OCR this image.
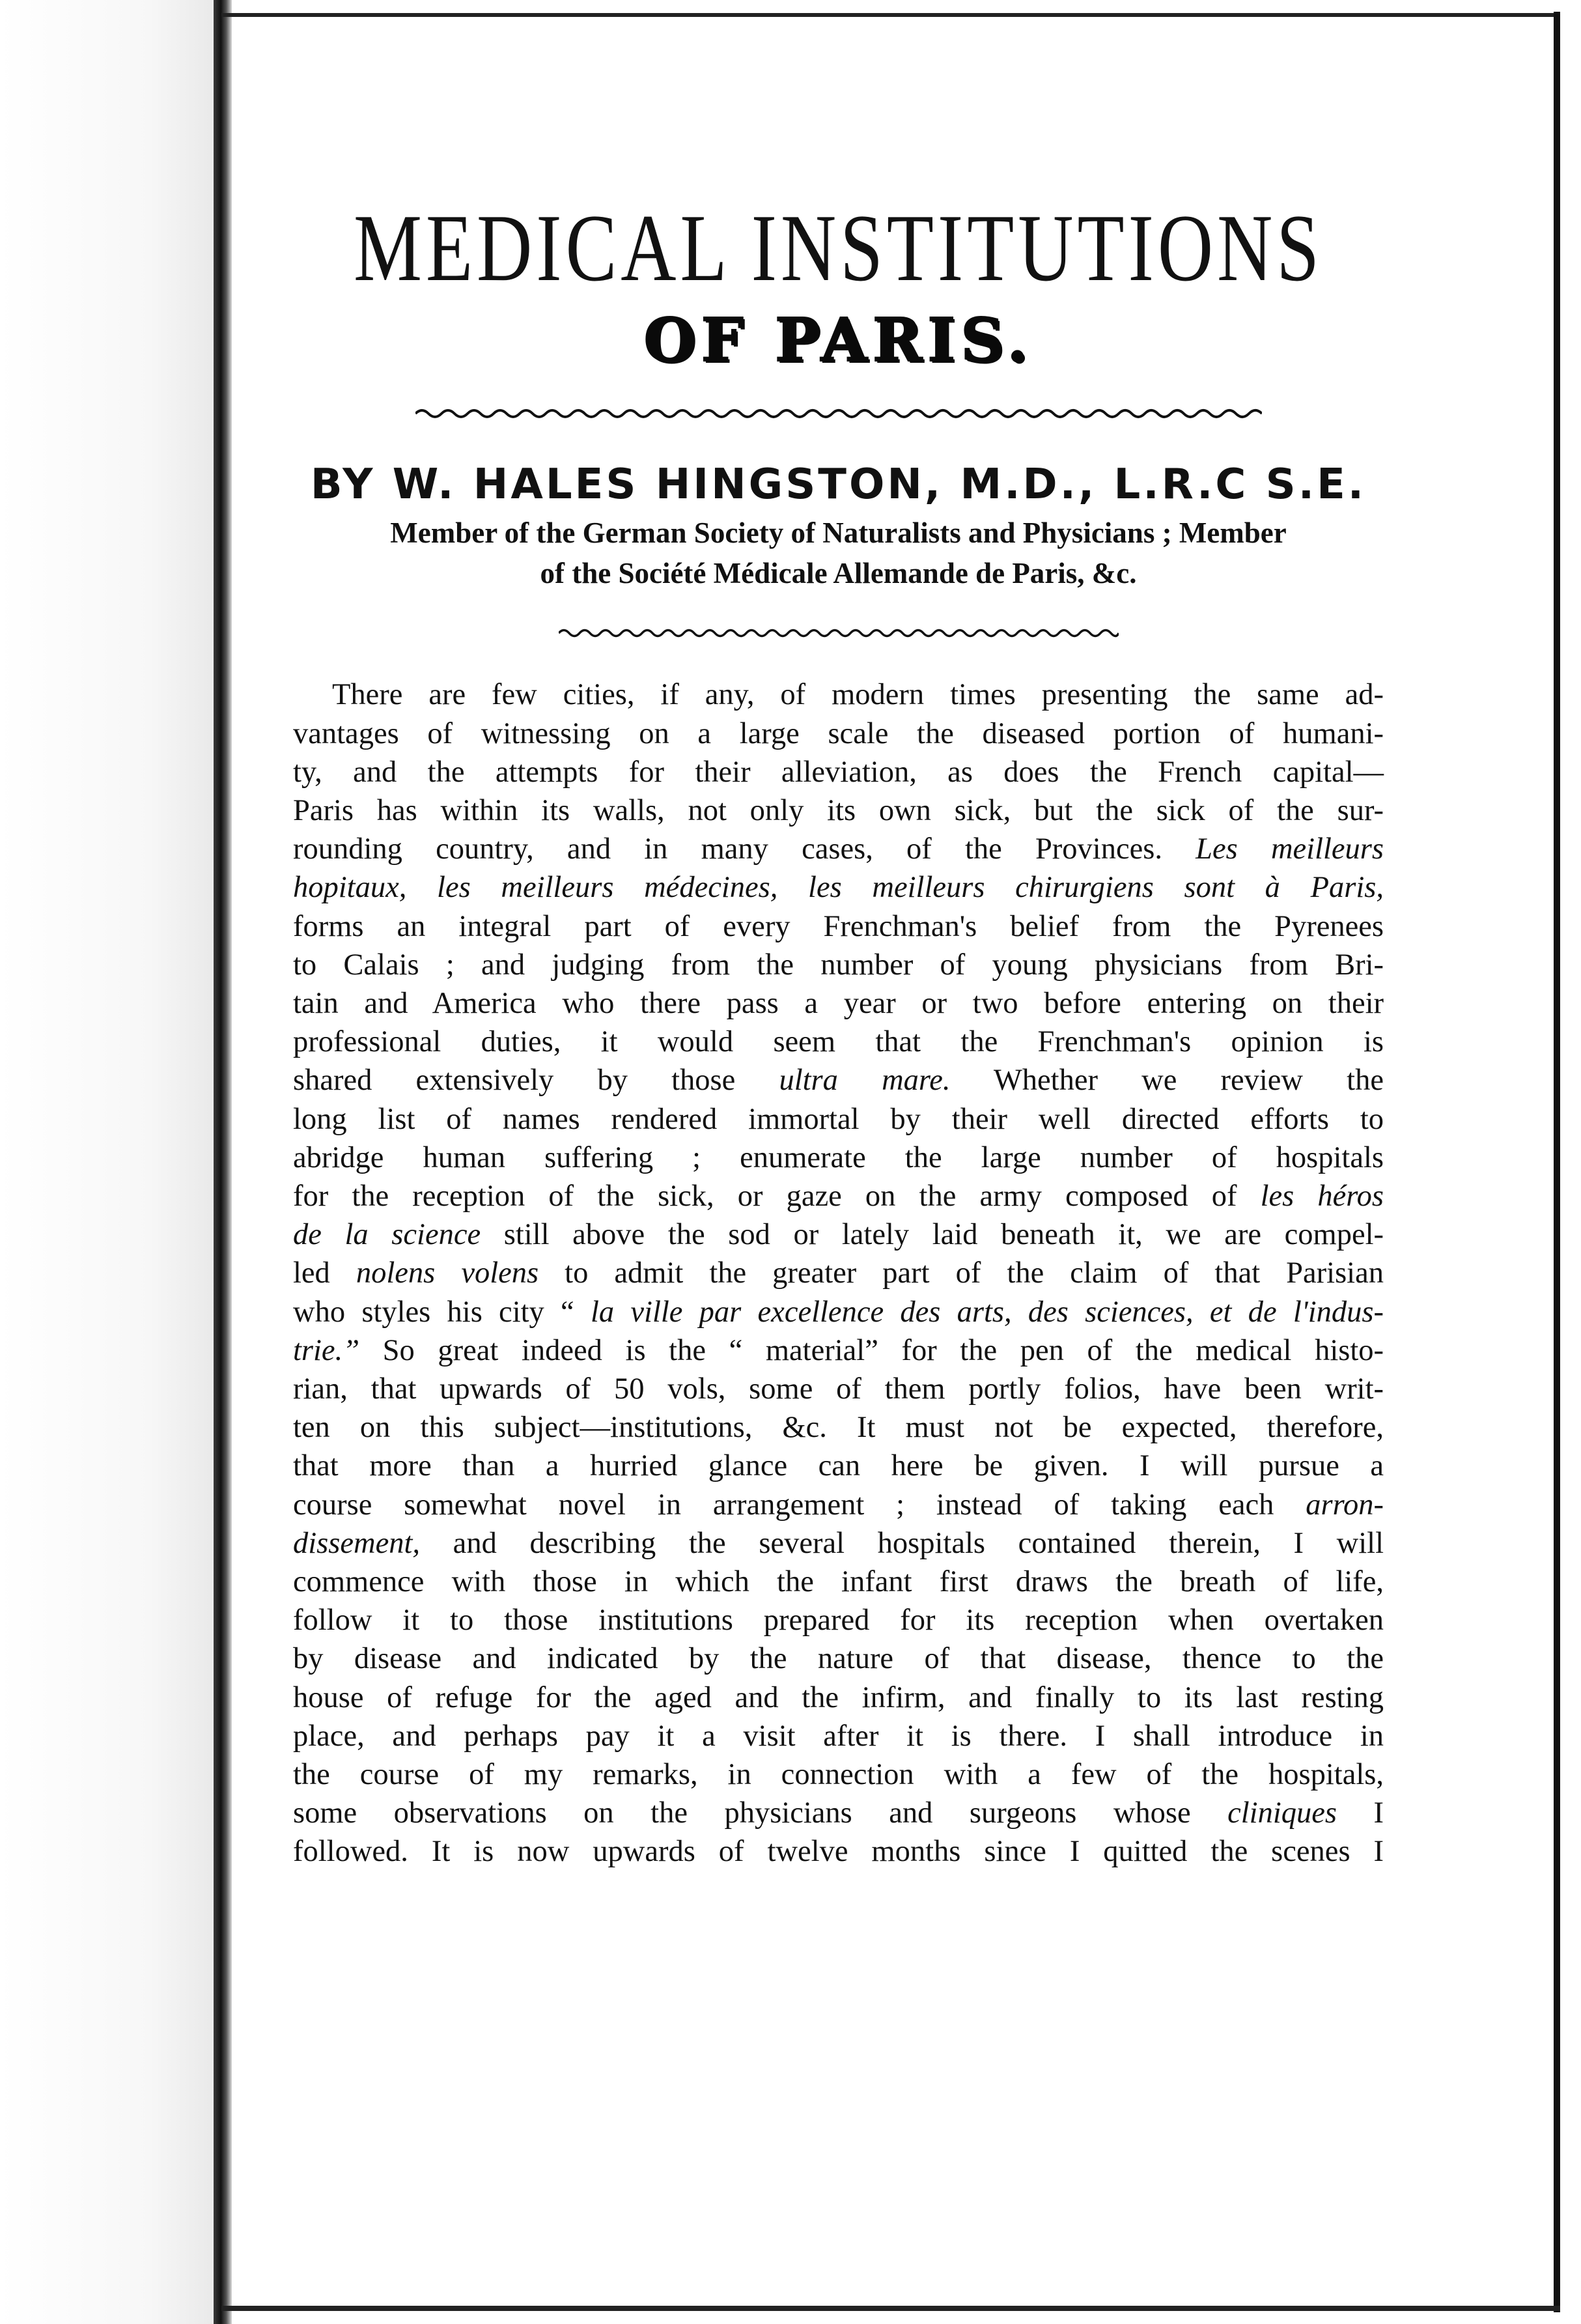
MEDICAL INSTITUTIONS
OF PARIS.
BY W. HALES HINGSTON, M.D., L.R.C S.E.
Member of the German Society of Naturalists and Physicians ; Member
of the Société Médicale Allemande de Paris, &c.
There are few cities, if any, of modern times presenting the same ad-
vantages of witnessing on a large scale the diseased portion of humani-
ty, and the attempts for their alleviation, as does the French capital—
Paris has within its walls, not only its own sick, but the sick of the sur-
rounding country, and in many cases, of the Provinces. Les meilleurs
hopitaux, les meilleurs médecines, les meilleurs chirurgiens sont à Paris,
forms an integral part of every Frenchman's belief from the Pyrenees
to Calais ; and judging from the number of young physicians from Bri-
tain and America who there pass a year or two before entering on their
professional duties, it would seem that the Frenchman's opinion is
shared extensively by those ultra mare. Whether we review the
long list of names rendered immortal by their well directed efforts to
abridge human suffering ; enumerate the large number of hospitals
for the reception of the sick, or gaze on the army composed of les héros
de la science still above the sod or lately laid beneath it, we are compel-
led nolens volens to admit the greater part of the claim of that Parisian
who styles his city “ la ville par excellence des arts, des sciences, et de l'indus-
trie.” So great indeed is the “ material” for the pen of the medical histo-
rian, that upwards of 50 vols, some of them portly folios, have been writ-
ten on this subject—institutions, &c. It must not be expected, therefore,
that more than a hurried glance can here be given. I will pursue a
course somewhat novel in arrangement ; instead of taking each arron-
dissement, and describing the several hospitals contained therein, I will
commence with those in which the infant first draws the breath of life,
follow it to those institutions prepared for its reception when overtaken
by disease and indicated by the nature of that disease, thence to the
house of refuge for the aged and the infirm, and finally to its last resting
place, and perhaps pay it a visit after it is there. I shall introduce in
the course of my remarks, in connection with a few of the hospitals,
some observations on the physicians and surgeons whose cliniques I
followed. It is now upwards of twelve months since I quitted the scenes I
